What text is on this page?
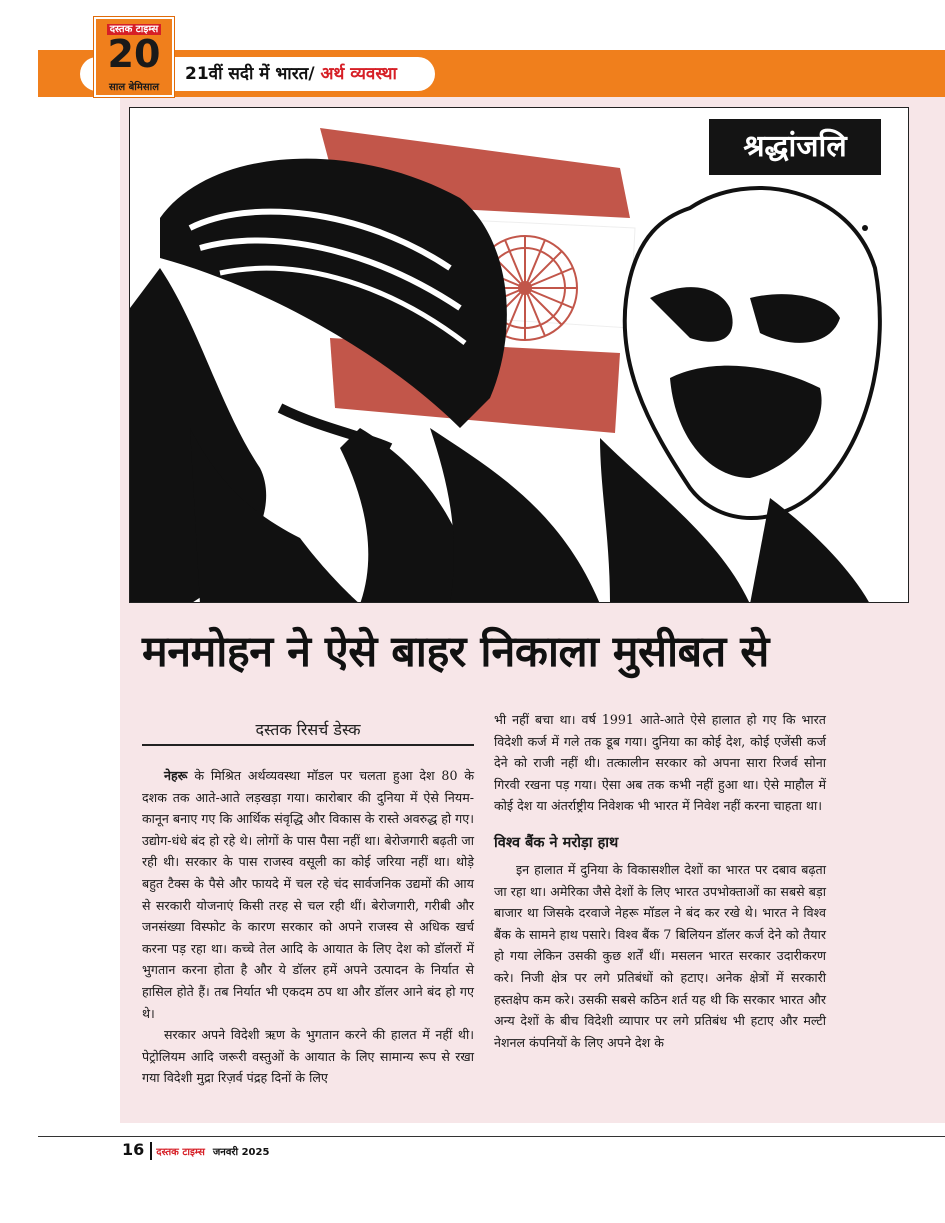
21वीं सदी में भारत/ अर्थ व्यवस्था
दस्तक टाइम्स
20
साल बेमिसाल
श्रद्धांजलि
मनमोहन ने ऐसे बाहर निकाला मुसीबत से
दस्तक रिसर्च डेस्क

नेहरू के मिश्रित अर्थव्यवस्था मॉडल पर चलता हुआ देश 80 के दशक तक आते-आते लड़खड़ा गया। कारोबार की दुनिया में ऐसे नियम-कानून बनाए गए कि आर्थिक संवृद्धि और विकास के रास्ते अवरुद्ध हो गए। उद्योग-धंधे बंद हो रहे थे। लोगों के पास पैसा नहीं था। बेरोजगारी बढ़ती जा रही थी। सरकार के पास राजस्व वसूली का कोई जरिया नहीं था। थोड़े बहुत टैक्स के पैसे और फायदे में चल रहे चंद सार्वजनिक उद्यमों की आय से सरकारी योजनाएं किसी तरह से चल रही थीं। बेरोजगारी, गरीबी और जनसंख्या विस्फोट के कारण सरकार को अपने राजस्व से अधिक खर्च करना पड़ रहा था। कच्चे तेल आदि के आयात के लिए देश को डॉलरों में भुगतान करना होता है और ये डॉलर हमें अपने उत्पादन के निर्यात से हासिल होते हैं। तब निर्यात भी एकदम ठप था और डॉलर आने बंद हो गए थे।

सरकार अपने विदेशी ऋण के भुगतान करने की हालत में नहीं थी। पेट्रोलियम आदि जरूरी वस्तुओं के आयात के लिए सामान्य रूप से रखा गया विदेशी मुद्रा रिज़र्व पंद्रह दिनों के लिए

भी नहीं बचा था। वर्ष 1991 आते-आते ऐसे हालात हो गए कि भारत विदेशी कर्ज में गले तक डूब गया। दुनिया का कोई देश, कोई एजेंसी कर्ज देने को राजी नहीं थी। तत्कालीन सरकार को अपना सारा रिजर्व सोना गिरवी रखना पड़ गया। ऐसा अब तक कभी नहीं हुआ था। ऐसे माहौल में कोई देश या अंतर्राष्ट्रीय निवेशक भी भारत में निवेश नहीं करना चाहता था।

विश्व बैंक ने मरोड़ा हाथ

इन हालात में दुनिया के विकासशील देशों का भारत पर दबाव बढ़ता जा रहा था। अमेरिका जैसे देशों के लिए भारत उपभोक्ताओं का सबसे बड़ा बाजार था जिसके दरवाजे नेहरू मॉडल ने बंद कर रखे थे। भारत ने विश्व बैंक के सामने हाथ पसारे। विश्व बैंक 7 बिलियन डॉलर कर्ज देने को तैयार हो गया लेकिन उसकी कुछ शर्तें थीं। मसलन भारत सरकार उदारीकरण करे। निजी क्षेत्र पर लगे प्रतिबंधों को हटाए। अनेक क्षेत्रों में सरकारी हस्तक्षेप कम करे। उसकी सबसे कठिन शर्त यह थी कि सरकार भारत और अन्य देशों के बीच विदेशी व्यापार पर लगे प्रतिबंध भी हटाए और मल्टी नेशनल कंपनियों के लिए अपने देश के

16 दस्तक टाइम्स जनवरी 2025
